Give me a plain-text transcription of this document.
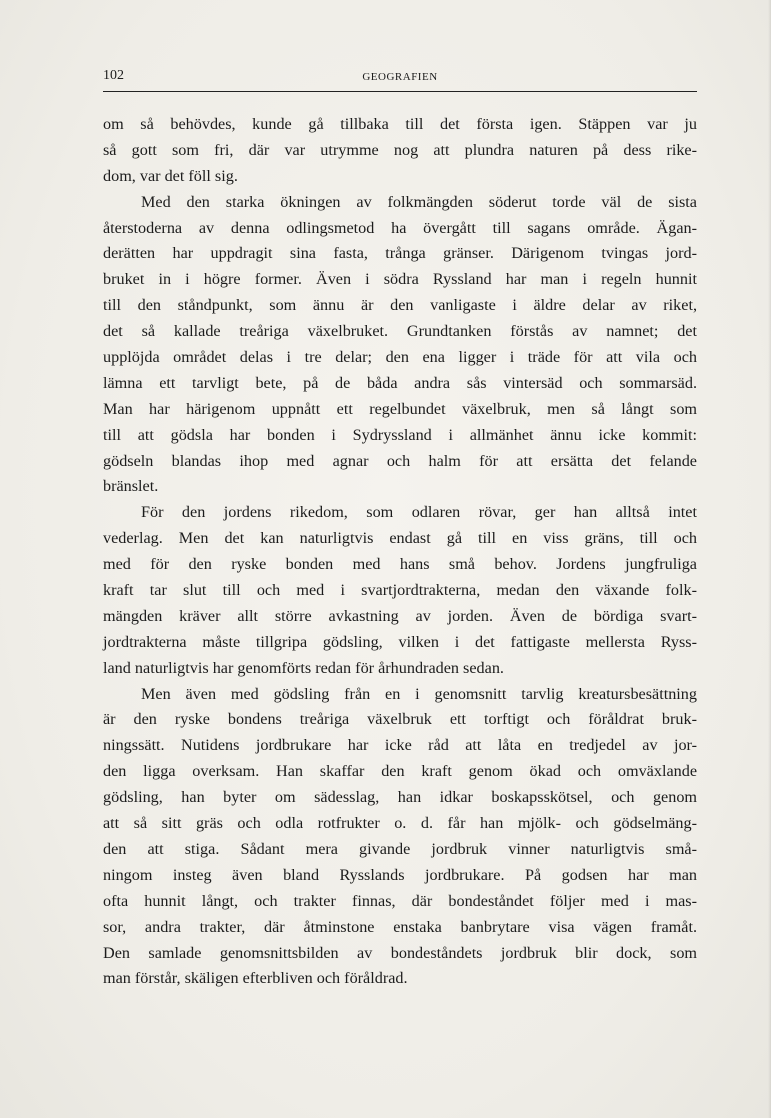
102	GEOGRAFIEN
om så behövdes, kunde gå tillbaka till det första igen. Stäppen var ju
så gott som fri, där var utrymme nog att plundra naturen på dess rike-
dom, var det föll sig.
Med den starka ökningen av folkmängden söderut torde väl de sista
återstoderna av denna odlingsmetod ha övergått till sagans område. Ägan-
derätten har uppdragit sina fasta, trånga gränser. Därigenom tvingas jord-
bruket in i högre former. Även i södra Ryssland har man i regeln hunnit
till den ståndpunkt, som ännu är den vanligaste i äldre delar av riket,
det så kallade treåriga växelbruket. Grundtanken förstås av namnet; det
upplöjda området delas i tre delar; den ena ligger i träde för att vila och
lämna ett tarvligt bete, på de båda andra sås vintersäd och sommarsäd.
Man har härigenom uppnått ett regelbundet växelbruk, men så långt som
till att gödsla har bonden i Sydryssland i allmänhet ännu icke kommit:
gödseln blandas ihop med agnar och halm för att ersätta det felande
bränslet.
För den jordens rikedom, som odlaren rövar, ger han alltså intet
vederlag. Men det kan naturligtvis endast gå till en viss gräns, till och
med för den ryske bonden med hans små behov. Jordens jungfruliga
kraft tar slut till och med i svartjordtrakterna, medan den växande folk-
mängden kräver allt större avkastning av jorden. Även de bördiga svart-
jordtrakterna måste tillgripa gödsling, vilken i det fattigaste mellersta Ryss-
land naturligtvis har genomförts redan för århundraden sedan.
Men även med gödsling från en i genomsnitt tarvlig kreatursbesättning
är den ryske bondens treåriga växelbruk ett torftigt och föråldrat bruk-
ningssätt. Nutidens jordbrukare har icke råd att låta en tredjedel av jor-
den ligga overksam. Han skaffar den kraft genom ökad och omväxlande
gödsling, han byter om sädesslag, han idkar boskapsskötsel, och genom
att så sitt gräs och odla rotfrukter o. d. får han mjölk- och gödselmäng-
den att stiga. Sådant mera givande jordbruk vinner naturligtvis små-
ningom insteg även bland Rysslands jordbrukare. På godsen har man
ofta hunnit långt, och trakter finnas, där bondeståndet följer med i mas-
sor, andra trakter, där åtminstone enstaka banbrytare visa vägen framåt.
Den samlade genomsnittsbilden av bondeståndets jordbruk blir dock, som
man förstår, skäligen efterbliven och föråldrad.
